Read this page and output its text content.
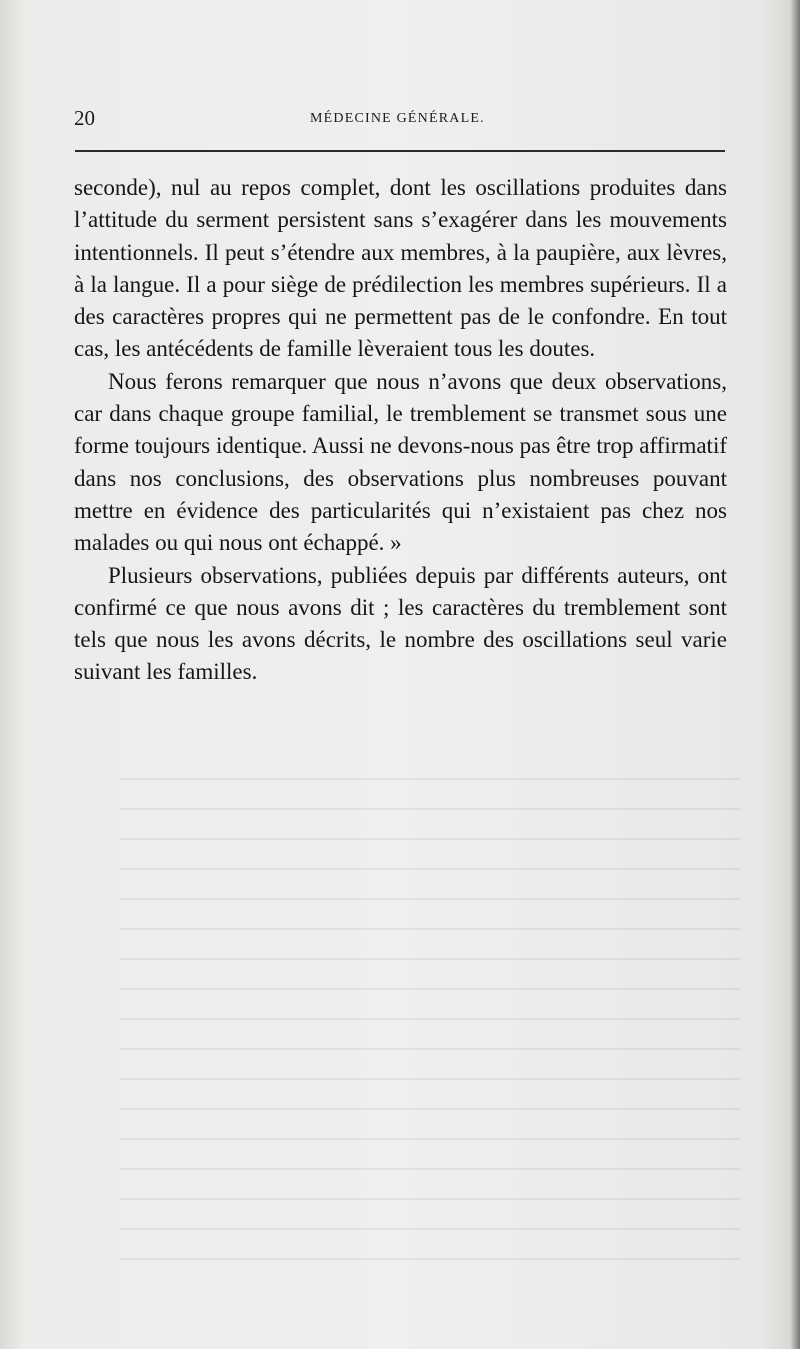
20	MÉDECINE GÉNÉRALE.

seconde), nul au repos complet, dont les oscillations produites dans l’attitude du serment persistent sans s’exagérer dans les mouvements intentionnels. Il peut s’étendre aux membres, à la paupière, aux lèvres, à la langue. Il a pour siège de prédilection les membres supérieurs. Il a des caractères propres qui ne permettent pas de le confondre. En tout cas, les antécédents de famille lèveraient tous les doutes.

Nous ferons remarquer que nous n’avons que deux observations, car dans chaque groupe familial, le tremblement se transmet sous une forme toujours identique. Aussi ne devons-nous pas être trop affirmatif dans nos conclusions, des observations plus nombreuses pouvant mettre en évidence des particularités qui n’existaient pas chez nos malades ou qui nous ont échappé. »

Plusieurs observations, publiées depuis par différents auteurs, ont confirmé ce que nous avons dit ; les caractères du tremblement sont tels que nous les avons décrits, le nombre des oscillations seul varie suivant les familles.
